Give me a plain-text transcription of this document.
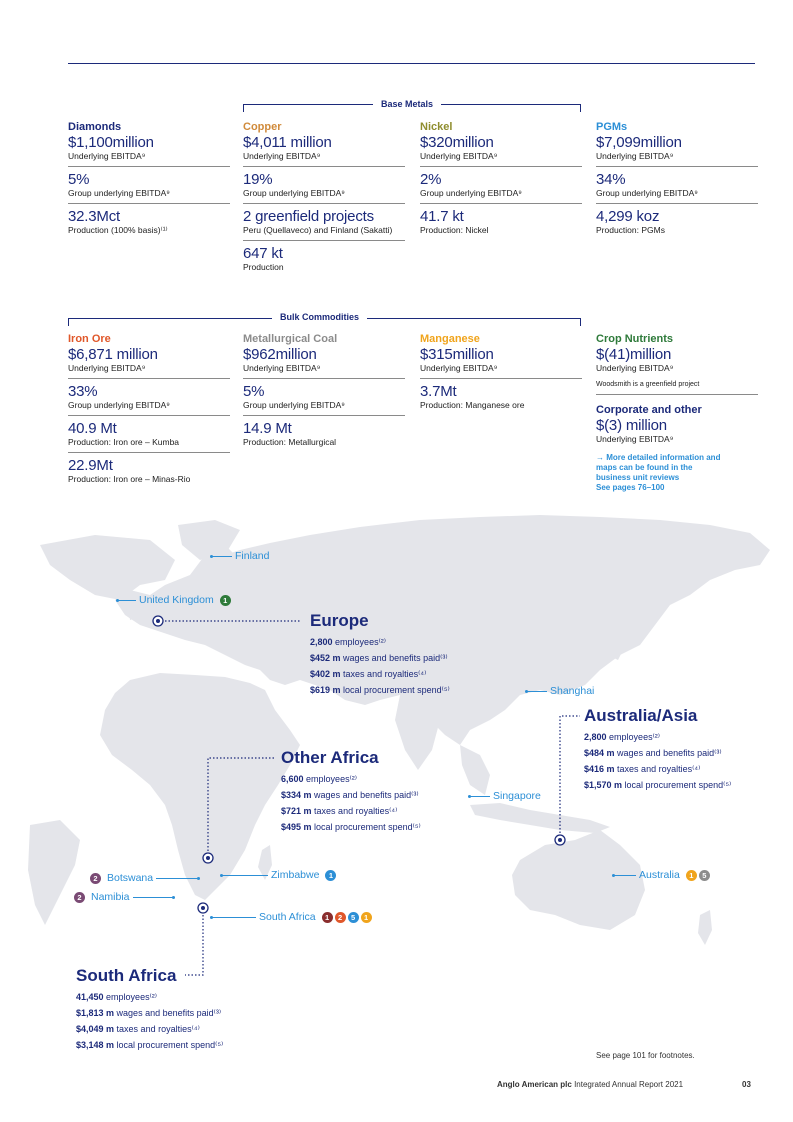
Base Metals
Diamonds
$1,100million
Underlying EBITDA⁹
5%
Group underlying EBITDA⁹
32.3Mct
Production (100% basis)⁽¹⁾
Copper
$4,011 million
Underlying EBITDA⁹
19%
Group underlying EBITDA⁹
2 greenfield projects
Peru (Quellaveco) and Finland (Sakatti)
647 kt
Production
Nickel
$320million
Underlying EBITDA⁹
2%
Group underlying EBITDA⁹
41.7 kt
Production: Nickel
PGMs
$7,099million
Underlying EBITDA⁹
34%
Group underlying EBITDA⁹
4,299 koz
Production: PGMs
Bulk Commodities
Iron Ore
$6,871 million
Underlying EBITDA⁹
33%
Group underlying EBITDA⁹
40.9 Mt
Production: Iron ore – Kumba
22.9Mt
Production: Iron ore – Minas-Rio
Metallurgical Coal
$962million
Underlying EBITDA⁹
5%
Group underlying EBITDA⁹
14.9 Mt
Production: Metallurgical
Manganese
$315million
Underlying EBITDA⁹
3.7Mt
Production: Manganese ore
Crop Nutrients
$(41)million
Underlying EBITDA⁹
Woodsmith is a greenfield project
Corporate and other
$(3) million
Underlying EBITDA⁹
→ More detailed information and maps can be found in the business unit reviews
See pages 76–100
Finland
United Kingdom	1
Shanghai
Singapore
Zimbabwe	1
2 Botswana
2 Namibia
South Africa	1	2	5	1
Australia	1	5
Europe
2,800 employees⁽²⁾
$452 m wages and benefits paid⁽³⁾
$402 m taxes and royalties⁽⁴⁾
$619 m local procurement spend⁽⁵⁾
Other Africa
6,600 employees⁽²⁾
$334 m wages and benefits paid⁽³⁾
$721 m taxes and royalties⁽⁴⁾
$495 m local procurement spend⁽⁵⁾
Australia/Asia
2,800 employees⁽²⁾
$484 m wages and benefits paid⁽³⁾
$416 m taxes and royalties⁽⁴⁾
$1,570 m local procurement spend⁽⁵⁾
South Africa
41,450 employees⁽²⁾
$1,813 m wages and benefits paid⁽³⁾
$4,049 m taxes and royalties⁽⁴⁾
$3,148 m local procurement spend⁽⁵⁾
See page 101 for footnotes.
Anglo American plc Integrated Annual Report 2021	03
